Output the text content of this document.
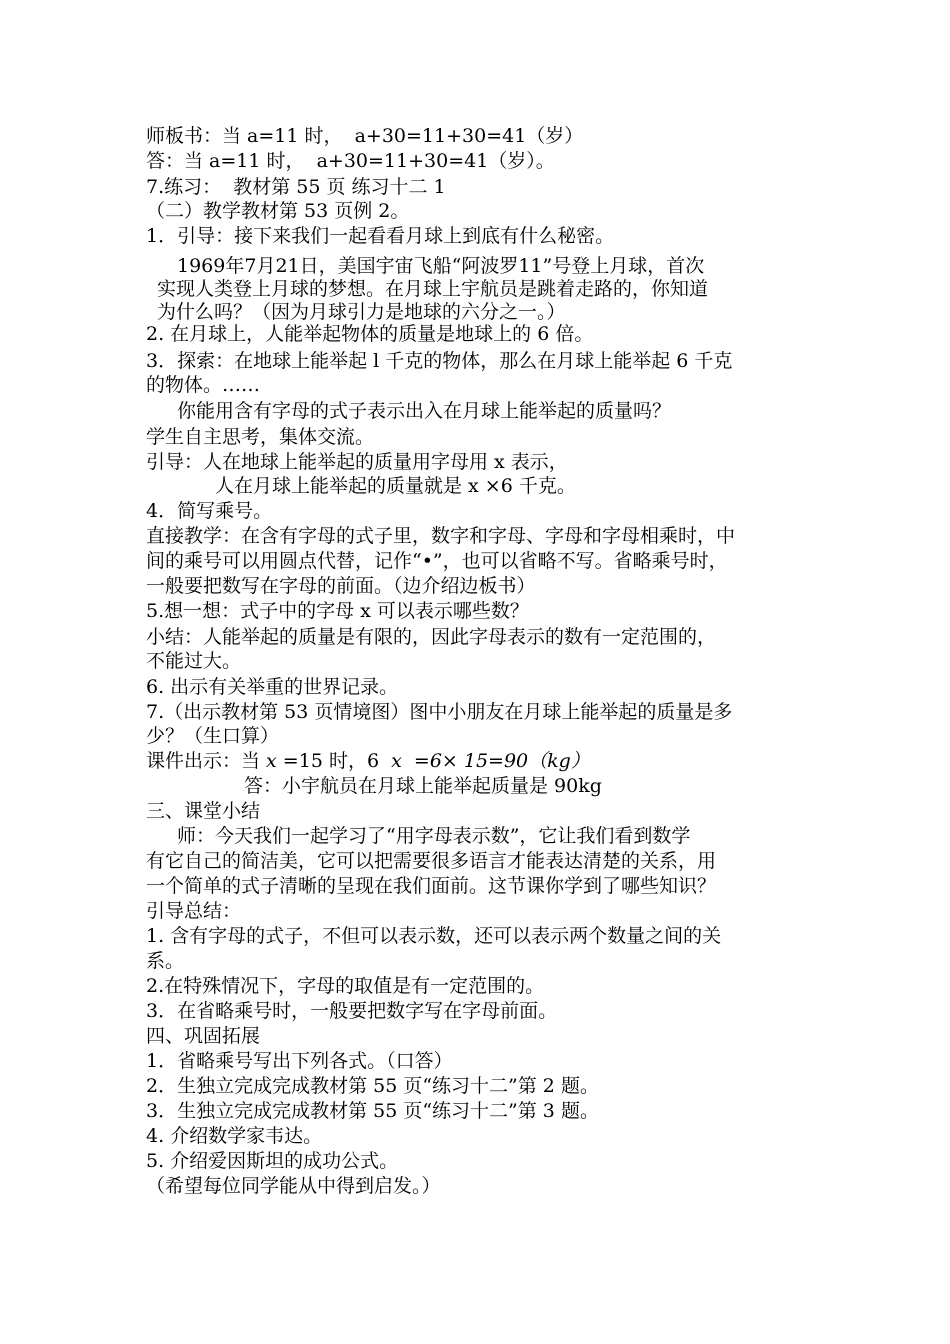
师板书：当 a=11 时，  a+30=11+30=41（岁）
答：当 a=11 时，  a+30=11+30=41（岁）。
7.练习：  教材第 55 页 练习十二 1
（二）教学教材第 53 页例 2。
1．引导：接下来我们一起看看月球上到底有什么秘密。
1969年7月21日，美国宇宙飞船“阿波罗11”号登上月球，首次
实现人类登上月球的梦想。在月球上宇航员是跳着走路的，你知道
为什么吗？（因为月球引力是地球的六分之一。）
2. 在月球上，人能举起物体的质量是地球上的 6 倍。
3．探索：在地球上能举起 l 千克的物体，那么在月球上能举起 6 千克
的物体。……
你能用含有字母的式子表示出入在月球上能举起的质量吗？
学生自主思考，集体交流。
引导：人在地球上能举起的质量用字母用 x 表示，
人在月球上能举起的质量就是 x ×6 千克。
4．简写乘号。
直接教学：在含有字母的式子里，数字和字母、字母和字母相乘时，中
间的乘号可以用圆点代替，记作“•”，也可以省略不写。省略乘号时，
一般要把数写在字母的前面。（边介绍边板书）
5.想一想：式子中的字母 x 可以表示哪些数？
小结：人能举起的质量是有限的，因此字母表示的数有一定范围的，
不能过大。
6. 出示有关举重的世界记录。
7.（出示教材第 53 页情境图）图中小朋友在月球上能举起的质量是多
少？（生口算）
课件出示：当 x =15 时，6  x  =6× 15=90（kg）
答：小宇航员在月球上能举起质量是 90kg
三、课堂小结
师：今天我们一起学习了“用字母表示数”，它让我们看到数学
有它自己的简洁美，它可以把需要很多语言才能表达清楚的关系，用
一个简单的式子清晰的呈现在我们面前。这节课你学到了哪些知识？
引导总结：
1. 含有字母的式子，不但可以表示数，还可以表示两个数量之间的关
系。
2.在特殊情况下，字母的取值是有一定范围的。
3．在省略乘号时，一般要把数字写在字母前面。
四、巩固拓展
1．省略乘号写出下列各式。（口答）
2．生独立完成完成教材第 55 页“练习十二”第 2 题。
3．生独立完成完成教材第 55 页“练习十二”第 3 题。
4. 介绍数学家韦达。
5. 介绍爱因斯坦的成功公式。
（希望每位同学能从中得到启发。）
